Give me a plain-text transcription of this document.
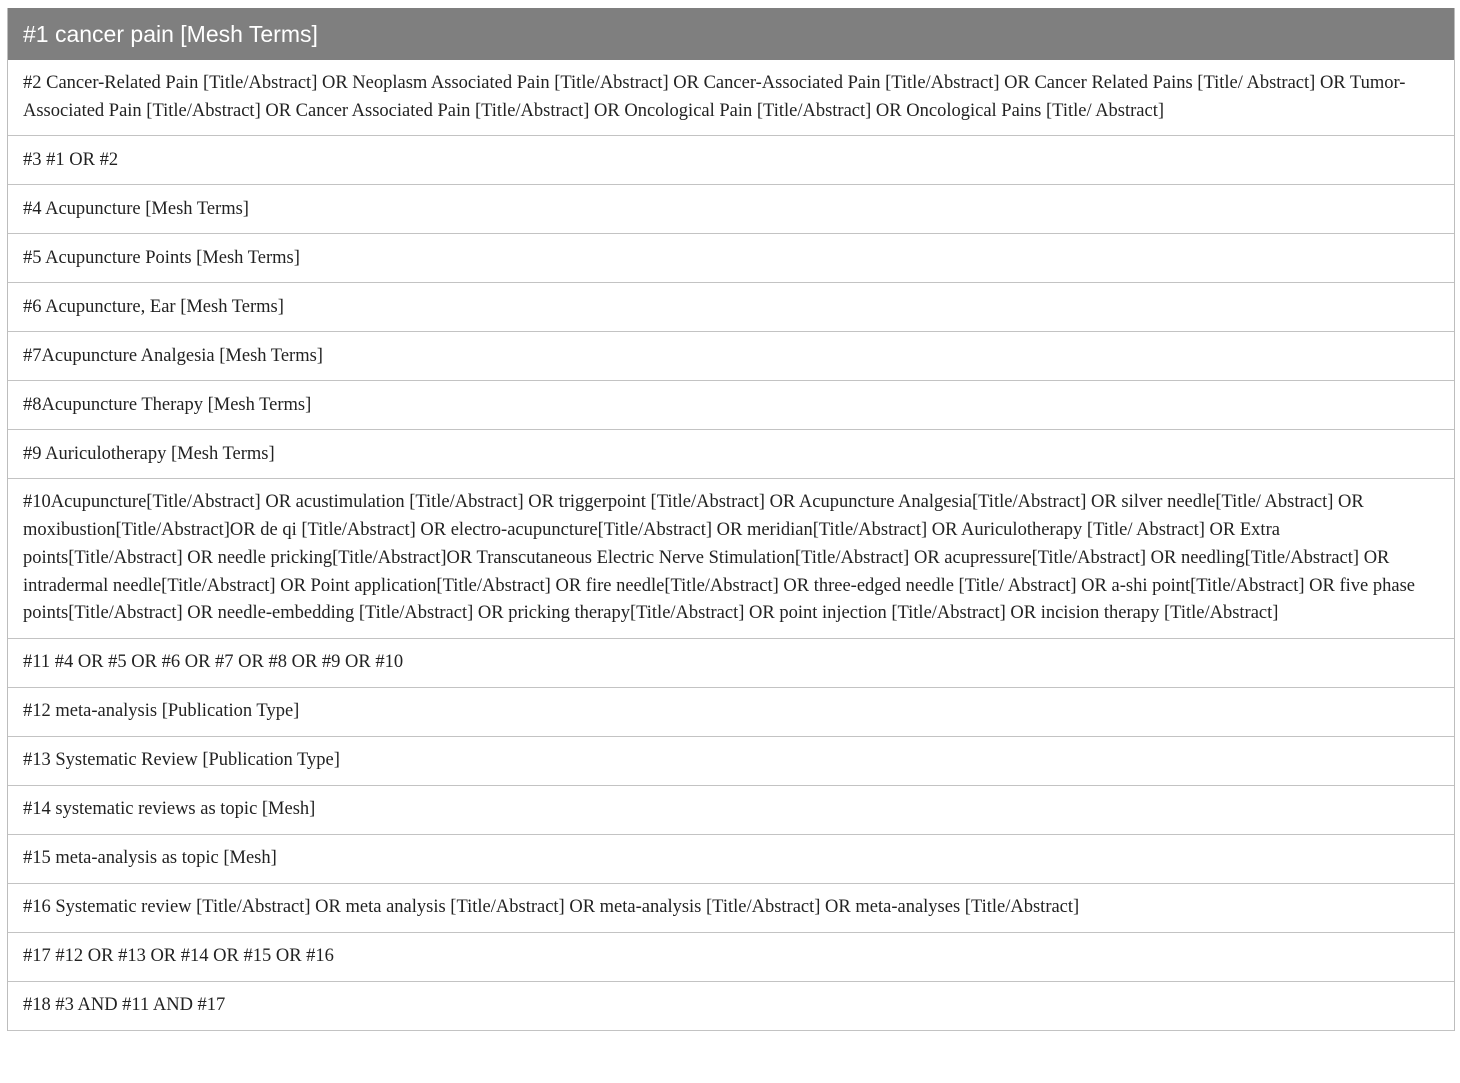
#1 cancer pain [Mesh Terms]
#2 Cancer-Related Pain [Title/Abstract] OR Neoplasm Associated Pain [Title/Abstract] OR Cancer-Associated Pain [Title/Abstract] OR Cancer Related Pains [Title/ Abstract] OR Tumor-Associated Pain [Title/Abstract] OR Cancer Associated Pain [Title/Abstract] OR Oncological Pain [Title/Abstract] OR Oncological Pains [Title/ Abstract]
#3 #1 OR #2
#4 Acupuncture [Mesh Terms]
#5 Acupuncture Points [Mesh Terms]
#6 Acupuncture, Ear [Mesh Terms]
#7Acupuncture Analgesia [Mesh Terms]
#8Acupuncture Therapy [Mesh Terms]
#9 Auriculotherapy [Mesh Terms]
#10Acupuncture[Title/Abstract] OR acustimulation [Title/Abstract] OR triggerpoint [Title/Abstract] OR Acupuncture Analgesia[Title/Abstract] OR silver needle[Title/ Abstract] OR moxibustion[Title/Abstract]OR de qi [Title/Abstract] OR electro-acupuncture[Title/Abstract] OR meridian[Title/Abstract] OR Auriculotherapy [Title/ Abstract] OR Extra points[Title/Abstract] OR needle pricking[Title/Abstract]OR Transcutaneous Electric Nerve Stimulation[Title/Abstract] OR acupressure[Title/Abstract] OR needling[Title/Abstract] OR intradermal needle[Title/Abstract] OR Point application[Title/Abstract] OR fire needle[Title/Abstract] OR three-edged needle [Title/ Abstract] OR a-shi point[Title/Abstract] OR five phase points[Title/Abstract] OR needle-embedding [Title/Abstract] OR pricking therapy[Title/Abstract] OR point injection [Title/Abstract] OR incision therapy [Title/Abstract]
#11 #4 OR #5 OR #6 OR #7 OR #8 OR #9 OR #10
#12 meta-analysis [Publication Type]
#13 Systematic Review [Publication Type]
#14 systematic reviews as topic [Mesh]
#15 meta-analysis as topic [Mesh]
#16 Systematic review [Title/Abstract] OR meta analysis [Title/Abstract] OR meta-analysis [Title/Abstract] OR meta-analyses [Title/Abstract]
#17 #12 OR #13 OR #14 OR #15 OR #16
#18 #3 AND #11 AND #17
